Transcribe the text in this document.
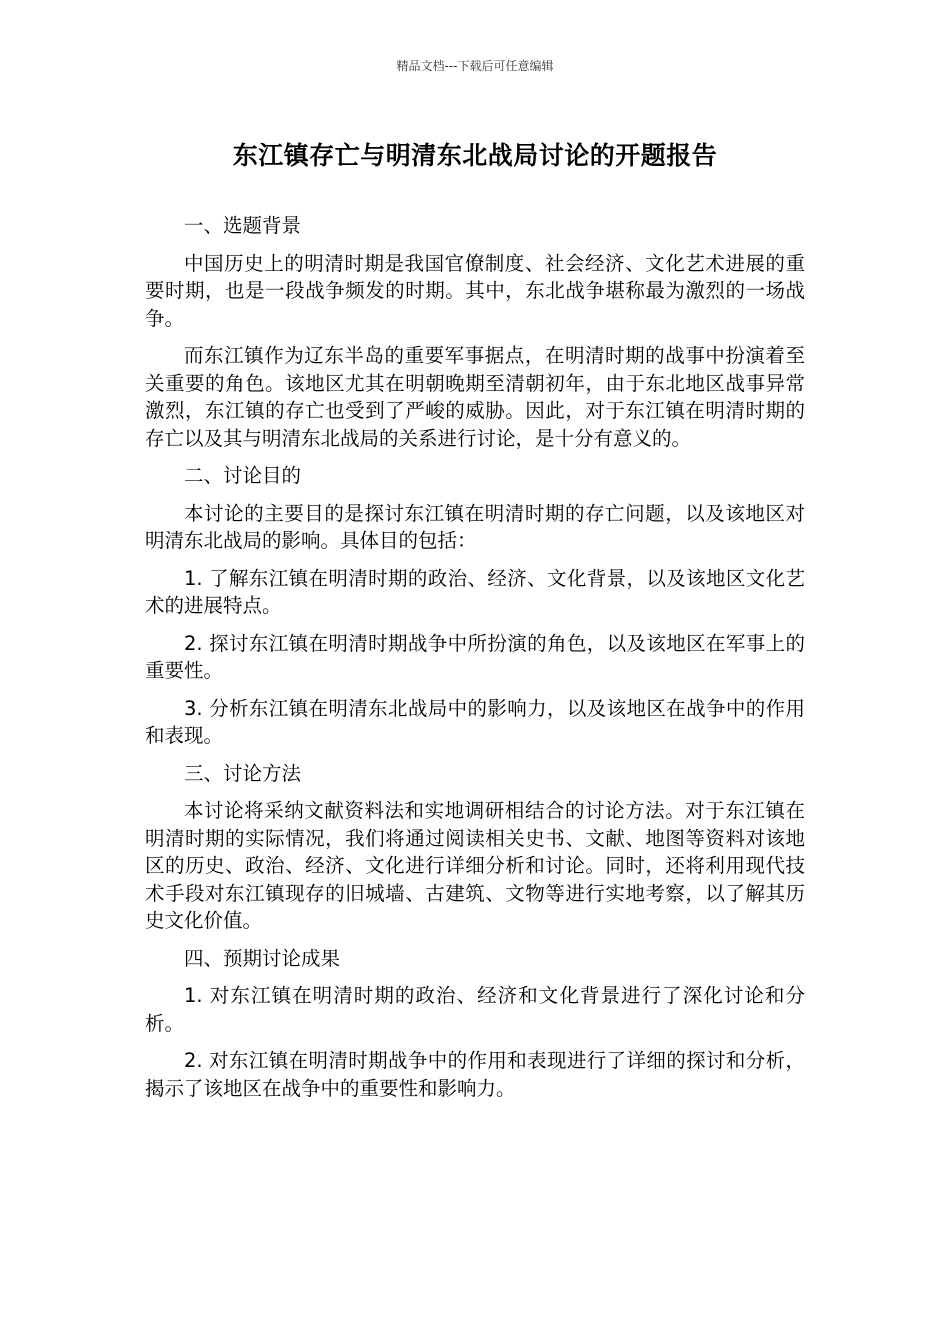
精品文档---下载后可任意编辑
东江镇存亡与明清东北战局讨论的开题报告

一、选题背景

中国历史上的明清时期是我国官僚制度、社会经济、文化艺术进展的重要时期，也是一段战争频发的时期。其中，东北战争堪称最为激烈的一场战争。

而东江镇作为辽东半岛的重要军事据点，在明清时期的战事中扮演着至关重要的角色。该地区尤其在明朝晚期至清朝初年，由于东北地区战事异常激烈，东江镇的存亡也受到了严峻的威胁。因此，对于东江镇在明清时期的存亡以及其与明清东北战局的关系进行讨论，是十分有意义的。

二、讨论目的

本讨论的主要目的是探讨东江镇在明清时期的存亡问题，以及该地区对明清东北战局的影响。具体目的包括：

1. 了解东江镇在明清时期的政治、经济、文化背景，以及该地区文化艺术的进展特点。

2. 探讨东江镇在明清时期战争中所扮演的角色，以及该地区在军事上的重要性。

3. 分析东江镇在明清东北战局中的影响力，以及该地区在战争中的作用和表现。

三、讨论方法

本讨论将采纳文献资料法和实地调研相结合的讨论方法。对于东江镇在明清时期的实际情况，我们将通过阅读相关史书、文献、地图等资料对该地区的历史、政治、经济、文化进行详细分析和讨论。同时，还将利用现代技术手段对东江镇现存的旧城墙、古建筑、文物等进行实地考察，以了解其历史文化价值。

四、预期讨论成果

1. 对东江镇在明清时期的政治、经济和文化背景进行了深化讨论和分析。

2. 对东江镇在明清时期战争中的作用和表现进行了详细的探讨和分析，揭示了该地区在战争中的重要性和影响力。
